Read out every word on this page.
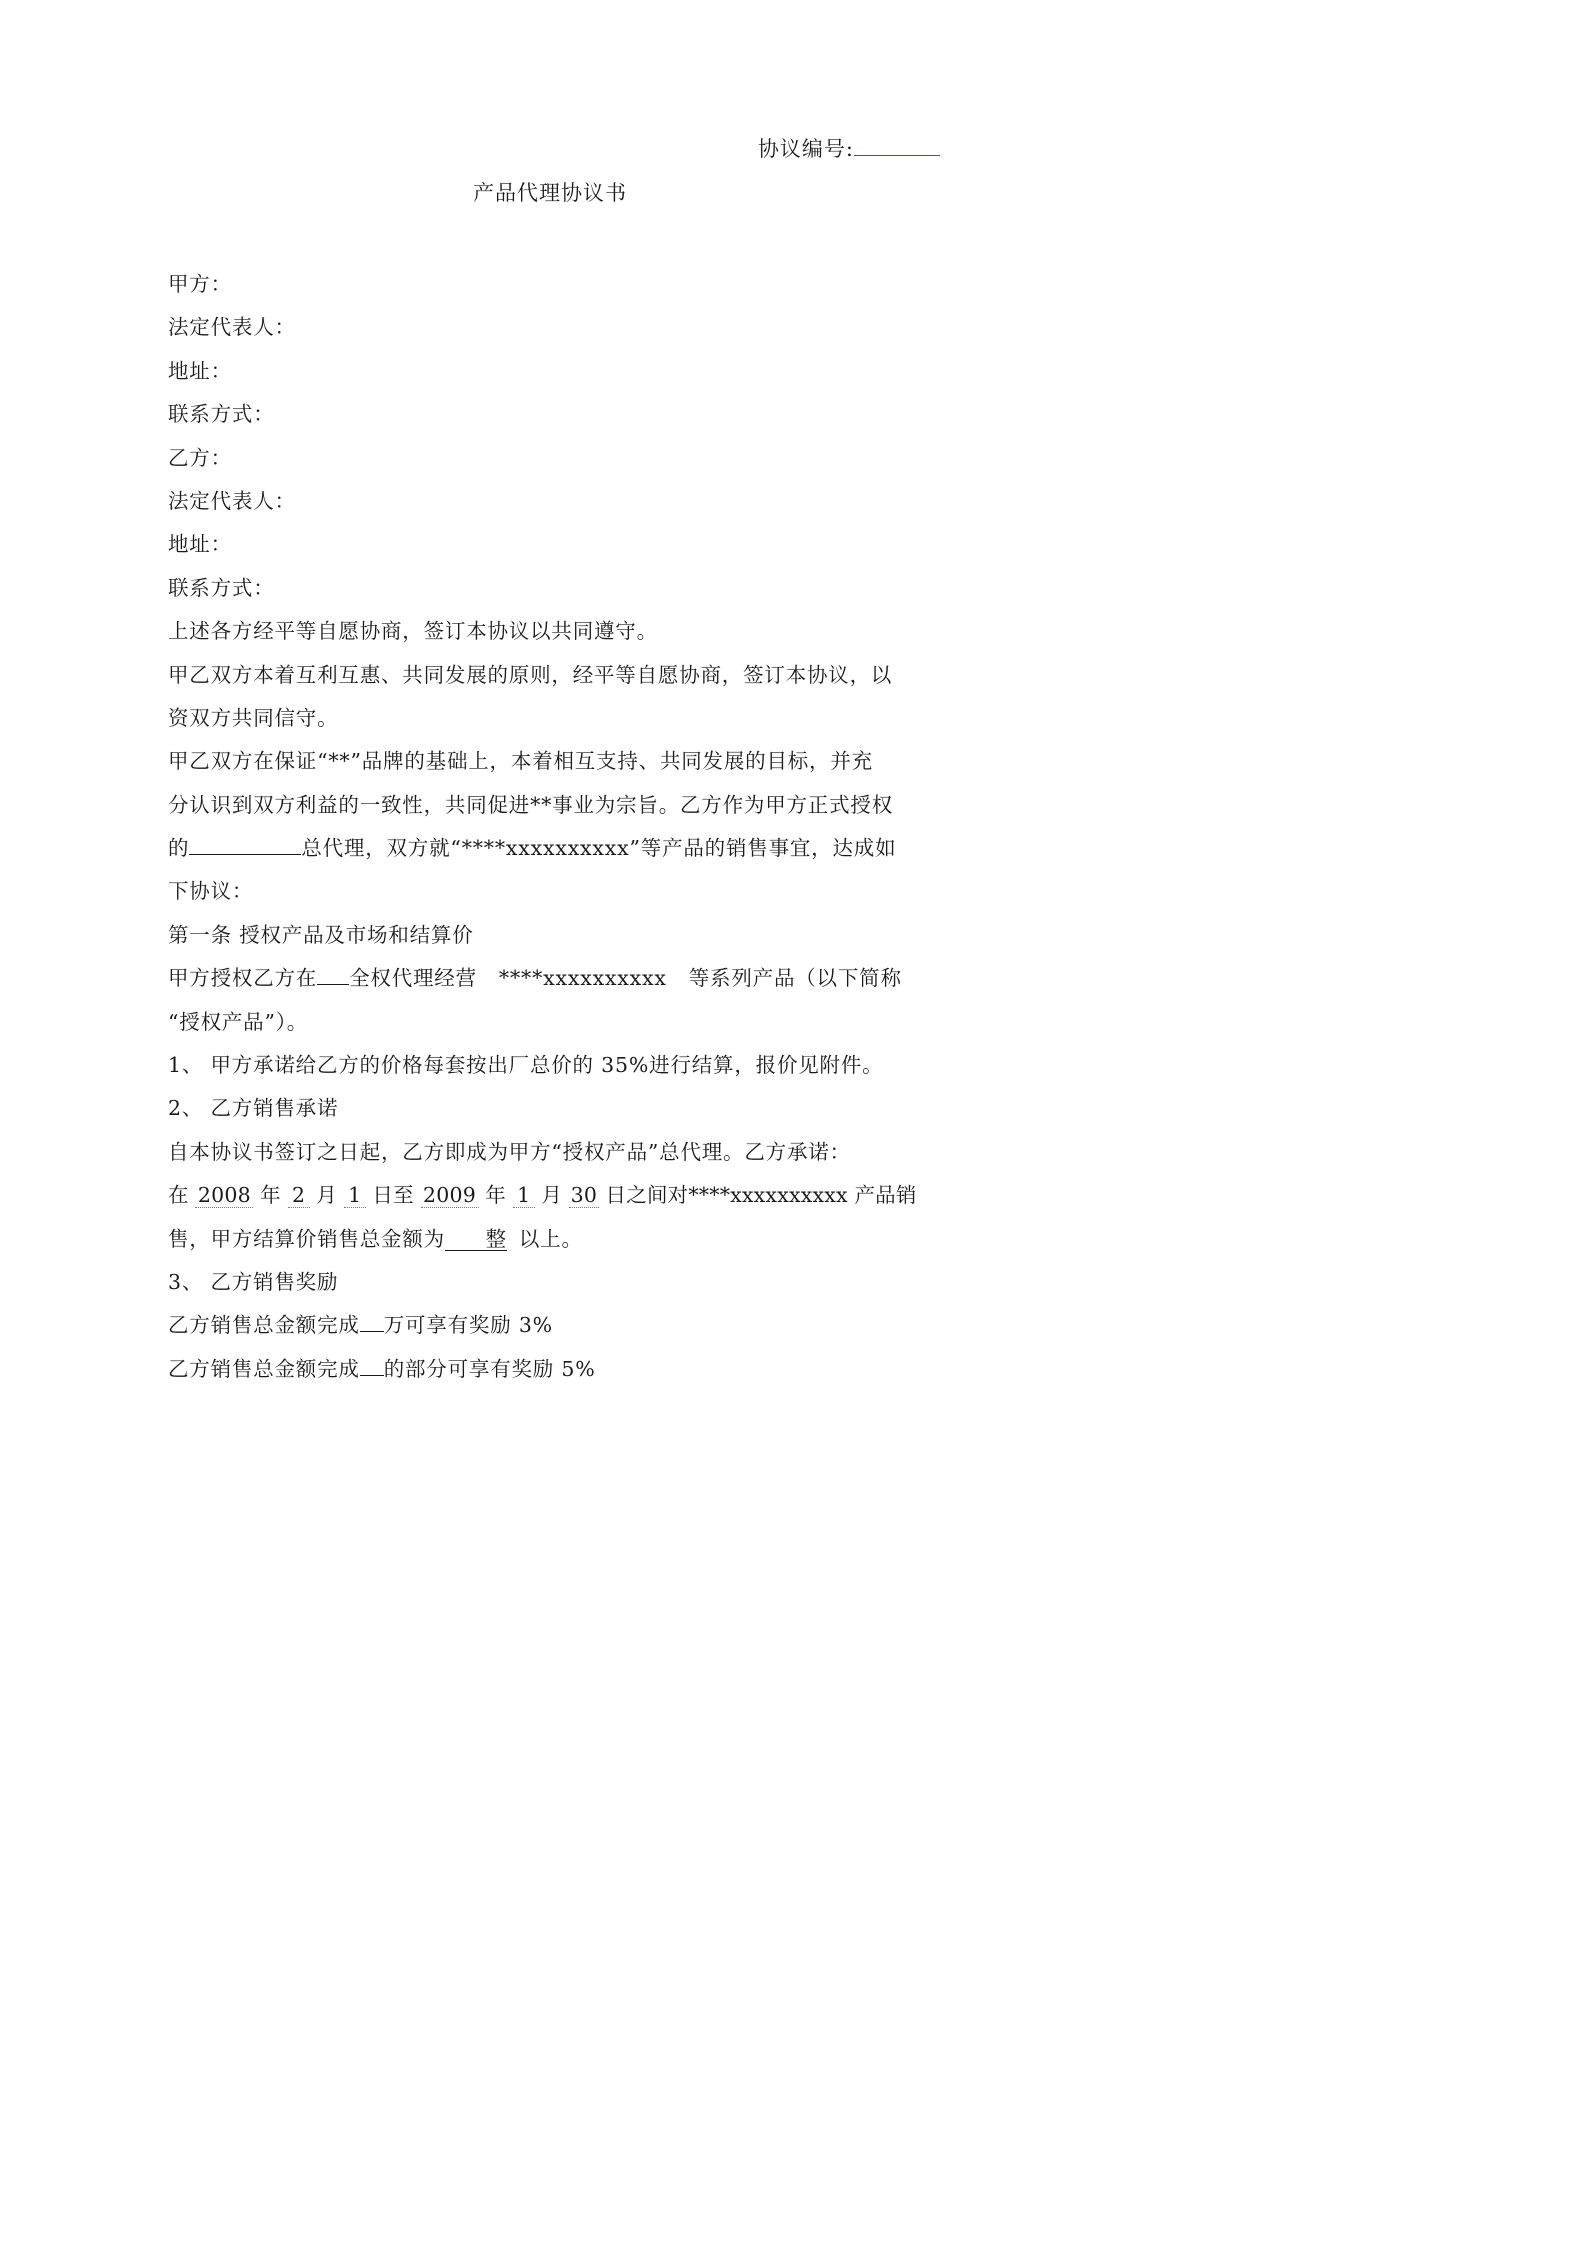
协议编号:
产品代理协议书
甲方：
法定代表人：
地址：
联系方式：
乙方：
法定代表人：
地址：
联系方式：
上述各方经平等自愿协商，签订本协议以共同遵守。
甲乙双方本着互利互惠、共同发展的原则，经平等自愿协商，签订本协议，以
资双方共同信守。
甲乙双方在保证“**”品牌的基础上，本着相互支持、共同发展的目标，并充
分认识到双方利益的一致性，共同促进**事业为宗旨。乙方作为甲方正式授权
的	总代理，双方就“****xxxxxxxxxx”等产品的销售事宜，达成如
下协议：
第一条 授权产品及市场和结算价
甲方授权乙方在 全权代理经营 ****xxxxxxxxxx 等系列产品（以下简称
“授权产品”）。
1、 甲方承诺给乙方的价格每套按出厂总价的 35%进行结算，报价见附件。
2、 乙方销售承诺
自本协议书签订之日起，乙方即成为甲方“授权产品”总代理。乙方承诺：
在 2008 年 2 月 1 日至 2009 年 1 月 30 日之间对****xxxxxxxxxx 产品销
售，甲方结算价销售总金额为 整 以上。
3、 乙方销售奖励
乙方销售总金额完成 万可享有奖励 3%
乙方销售总金额完成 的部分可享有奖励 5%
